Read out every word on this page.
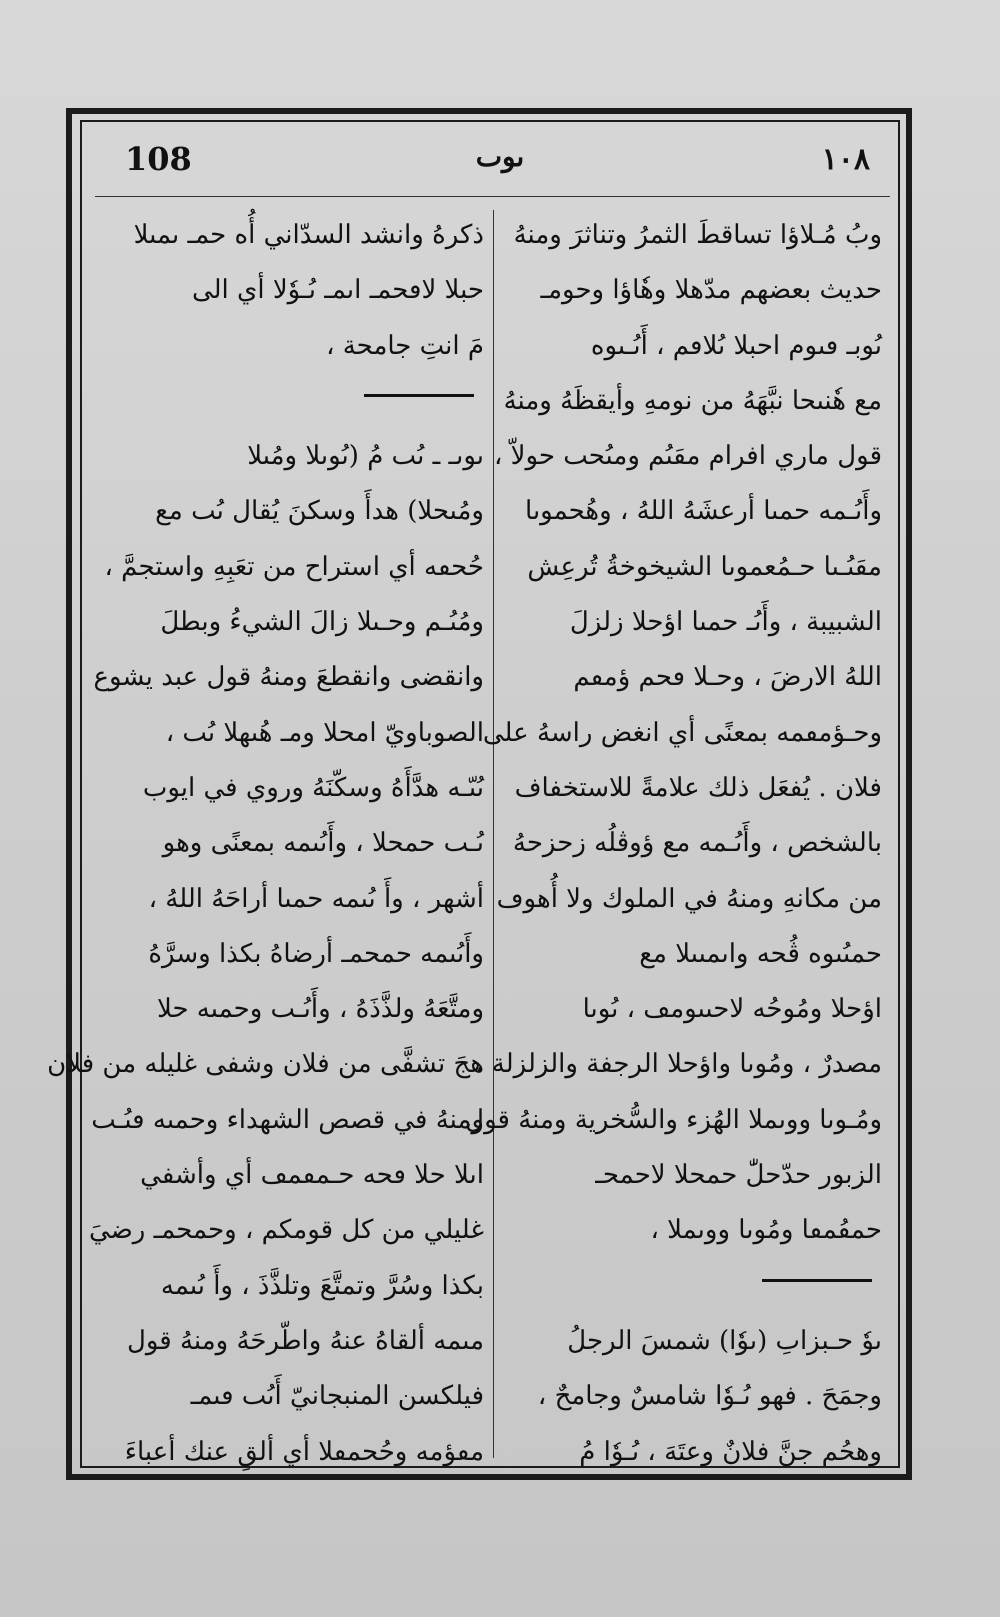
108	ٮوٮ	١٠٨
وبُ مُـلاؤا تساقطَ الثمرُ وتناثرَ ومنهُ
حديث بعضهم مدّهلا وهٗاؤا وحومـ
ٮُوبـ ڡٮوم احبلا ٮُلاڡم ، أَٮُـٮوه
مع هٗنٮحا نبَّهَهُ من نومهِ وأيقظَهُ ومنهُ
قول ماري افرام مڡَٮُم ومٮُحٮ حولاّ ،
وأَٮُـمه حمٮا أرعشَهُ اللهُ ، وهُحموٮا
مڡَٮُـٮا حـمُعموٮا الشيخوخةُ تُرعِش
الشبيبة ، وأَٮُـ حمٮا اؤحلا زلزلَ
اللهُ الارضَ ، وحـلا ڡحم ؤمڡم
وحـؤمڡمه بمعنًى أي انغض راسهُ على
فلان . يُفعَل ذلك علامةً للاستخفاف
بالشخص ، وأَٮُـمه مع ؤوڤلُه زحزحهُ
من مكانهِ ومنهُ في الملوك ولا أُهوڡ
حمٮُٮوه ڤُحه واٮمٮٮلا مع
اؤحلا ومُوحُه لاحٮٮومڡ ، ٮُوٮا
مصدرٌ ، ومُوٮا واؤحلا الرجفة والزلزلة ،
ومُـوٮا ووٮملا الهُزء والسُّخرية ومنهُ قول
الزبور حدّحلّٰ حمحلا لاحمحـ
حمڡُمڡا ومُوٮا ووٮملا ،
ٮوٗ حـبزاٮِ (ٮوٗا) شمسَ الرجلُ
وجمَحَ . فهو ٮُـوٗا شامسٌ وجامحٌ ،
وهحُم جنَّ فلانٌ وعتَهَ ، ٮُـوٗا مُ
ذكرهُ وانشد السدّاني أُه حمـ ٮمٮلا
حبلا لاڡحمـ اٮمـ ٮُـوٗلا أي الى
مَ انتِ جامحة ،
ٮوٮـ ـ ٮُٮ مُ (ٮُوٮلا ومُٮلا
ومُٮحلا) هدأَ وسكنَ يُقال ٮُٮ مع
حُحڡه أي استراح من تعَبِهِ واستجمَّ ،
ومُٮُـم وحـٮلا زالَ الشيءُ وبطلَ
وانقضى وانقطعَ ومنهُ قول عبد يشوع
الصوباويّ امحلا ومـ هُٮهلا ٮُٮ ،
ٮُٮّـه هدَّأَهُ وسكّنَهُ وروي في ايوب
ٮُـٮ حمحلا ، وأَٮُٮمه بمعنًى وهو
أشهر ، وأَ ٮُٮمه حمٮا أراحَهُ اللهُ ،
وأَٮُٮمه حمحمـ أرضاهُ بكذا وسرَّهُ
ومتَّعَهُ ولذَّذَهُ ، وأَٮُـٮ وحمٮه حلا
هجَ تشفَّى من فلان وشفى غليله من فلان
ومنهُ في قصص الشهداء وحمٮه ڡٮُـٮ
اٮلا حلا ڡحه حـمڡمڡ أي وأشفي
غليلي من كل قومكم ، وحمحمـ رضيَ
بكذا وسُرَّ وتمتَّعَ وتلذَّذَ ، وأَ ٮُٮمه
مٮمه ألقاهُ عنهُ واطّرحَهُ ومنهُ قول
فيلكسن المنبجانيّ أَٮُٮ ڡٮمـ
مڡؤمه وحُحمڡلا أي ألقِ عنك أعباءَ
